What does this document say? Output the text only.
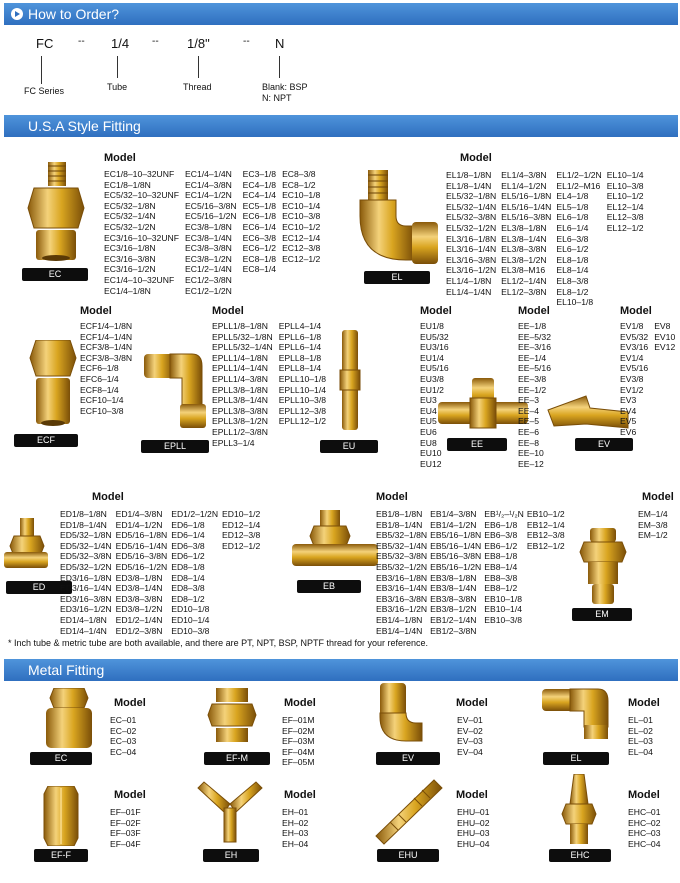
How to Order?
FC -- 1/4 -- 1/8"	-- N
FC Series	Tube	Thread	Blank: BSP
N: NPT
U.S.A Style Fitting
EC
Model
EC1/8–10–32UNF
EC1/8–1/8N
EC5/32–10–32UNF
EC5/32–1/8N
EC5/32–1/4N
EC5/32–1/2N
EC3/16–10–32UNF
EC3/16–1/8N
EC3/16–3/8N
EC3/16–1/2N
EC1/4–10–32UNF
EC1/4–1/8N
EC1/4–1/4N
EC1/4–3/8N
EC1/4–1/2N
EC5/16–3/8N
EC5/16–1/2N
EC3/8–1/8N
EC3/8–1/4N
EC3/8–3/8N
EC3/8–1/2N
EC1/2–1/4N
EC1/2–3/8N
EC1/2–1/2N
EC3–1/8
EC4–1/8
EC4–1/4
EC5–1/8
EC6–1/8
EC6–1/4
EC6–3/8
EC6–1/2
EC8–1/8
EC8–1/4
EC8–3/8
EC8–1/2
EC10–1/8
EC10–1/4
EC10–3/8
EC10–1/2
EC12–1/4
EC12–3/8
EC12–1/2
EL
Model
EL1/8–1/8N
EL1/8–1/4N
EL5/32–1/8N
EL5/32–1/4N
EL5/32–3/8N
EL5/32–1/2N
EL3/16–1/8N
EL3/16–1/4N
EL3/16–3/8N
EL3/16–1/2N
EL1/4–1/8N
EL1/4–1/4N
EL1/4–3/8N
EL1/4–1/2N
EL5/16–1/8N
EL5/16–1/4N
EL5/16–3/8N
EL3/8–1/8N
EL3/8–1/4N
EL3/8–3/8N
EL3/8–1/2N
EL3/8–M16
EL1/2–1/4N
EL1/2–3/8N
EL1/2–1/2N
EL1/2–M16
EL4–1/8
EL5–1/8
EL6–1/8
EL6–1/4
EL6–3/8
EL6–1/2
EL8–1/8
EL8–1/4
EL8–3/8
EL8–1/2
EL10–1/8
EL10–1/4
EL10–3/8
EL10–1/2
EL12–1/4
EL12–3/8
EL12–1/2
ECF
Model
ECF1/4–1/8N
ECF1/4–1/4N
ECF3/8–1/4N
ECF3/8–3/8N
ECF6–1/8
EFC6–1/4
ECF8–1/4
ECF10–1/4
ECF10–3/8
EPLL
Model
EPLL1/8–1/8N
EPLL5/32–1/8N
EPLL5/32–1/4N
EPLL1/4–1/8N
EPLL1/4–1/4N
EPLL1/4–3/8N
EPLL3/8–1/8N
EPLL3/8–1/4N
EPLL3/8–3/8N
EPLL3/8–1/2N
EPLL1/2–3/8N
EPLL3–1/4
EPLL4–1/4
EPLL6–1/8
EPLL6–1/4
EPLL8–1/8
EPLL8–1/4
EPLL10–1/8
EPLL10–1/4
EPLL10–3/8
EPLL12–3/8
EPLL12–1/2
EU
Model
EU1/8
EU5/32
EU3/16
EU1/4
EU5/16
EU3/8
EU1/2
EU3
EU4
EU5
EU6
EU8
EU10
EU12
EE
Model
EE–1/8
EE–5/32
EE–3/16
EE–1/4
EE–5/16
EE–3/8
EE–1/2
EE–3
EE–4
EE–5
EE–6
EE–8
EE–10
EE–12
EV
Model
EV1/8
EV5/32
EV3/16
EV1/4
EV5/16
EV3/8
EV1/2
EV3
EV4
EV5
EV6
EV8
EV10
EV12
ED
Model
ED1/8–1/8N
ED1/8–1/4N
ED5/32–1/8N
ED5/32–1/4N
ED5/32–3/8N
ED5/32–1/2N
ED3/16–1/8N
ED3/16–1/4N
ED3/16–3/8N
ED3/16–1/2N
ED1/4–1/8N
ED1/4–1/4N
ED1/4–3/8N
ED1/4–1/2N
ED5/16–1/8N
ED5/16–1/4N
ED5/16–3/8N
ED5/16–1/2N
ED3/8–1/8N
ED3/8–1/4N
ED3/8–3/8N
ED3/8–1/2N
ED1/2–1/4N
ED1/2–3/8N
ED1/2–1/2N
ED6–1/8
ED6–1/4
ED6–3/8
ED6–1/2
ED8–1/8
ED8–1/4
ED8–3/8
ED8–1/2
ED10–1/8
ED10–1/4
ED10–3/8
ED10–1/2
ED12–1/4
ED12–3/8
ED12–1/2
EB
Model
EB1/8–1/8N
EB1/8–1/4N
EB5/32–1/8N
EB5/32–1/4N
EB5/32–3/8N
EB5/32–1/2N
EB3/16–1/8N
EB3/16–1/4N
EB3/16–3/8N
EB3/16–1/2N
EB1/4–1/8N
EB1/4–1/4N
EB1/4–3/8N
EB1/4–1/2N
EB5/16–1/8N
EB5/16–1/4N
EB5/16–3/8N
EB5/16–1/2N
EB3/8–1/8N
EB3/8–1/4N
EB3/8–3/8N
EB3/8–1/2N
EB1/2–1/4N
EB1/2–3/8N
EB¹/₂–¹/₂N
EB6–1/8
EB6–3/8
EB6–1/2
EB8–1/8
EB8–1/4
EB8–3/8
EB8–1/2
EB10–1/8
EB10–1/4
EB10–3/8
EB10–1/2
EB12–1/4
EB12–3/8
EB12–1/2
EM
Model
EM–1/4
EM–3/8
EM–1/2
* Inch tube & metric tube are both available, and there are PT, NPT, BSP, NPTF thread for your reference.
Metal Fitting
EC
Model
EC–01
EC–02
EC–03
EC–04
EF-M
Model
EF–01M
EF–02M
EF–03M
EF–04M
EF–05M	EV
Model
EV–01
EV–02
EV–03
EV–04
EL
Model
EL–01
EL–02
EL–03
EL–04
EF-F
Model
EF–01F
EF–02F
EF–03F
EF–04F
EH
Model
EH–01
EH–02
EH–03
EH–04
EHU
Model
EHU–01
EHU–02
EHU–03
EHU–04
EHC
Model
EHC–01
EHC–02
EHC–03
EHC–04
